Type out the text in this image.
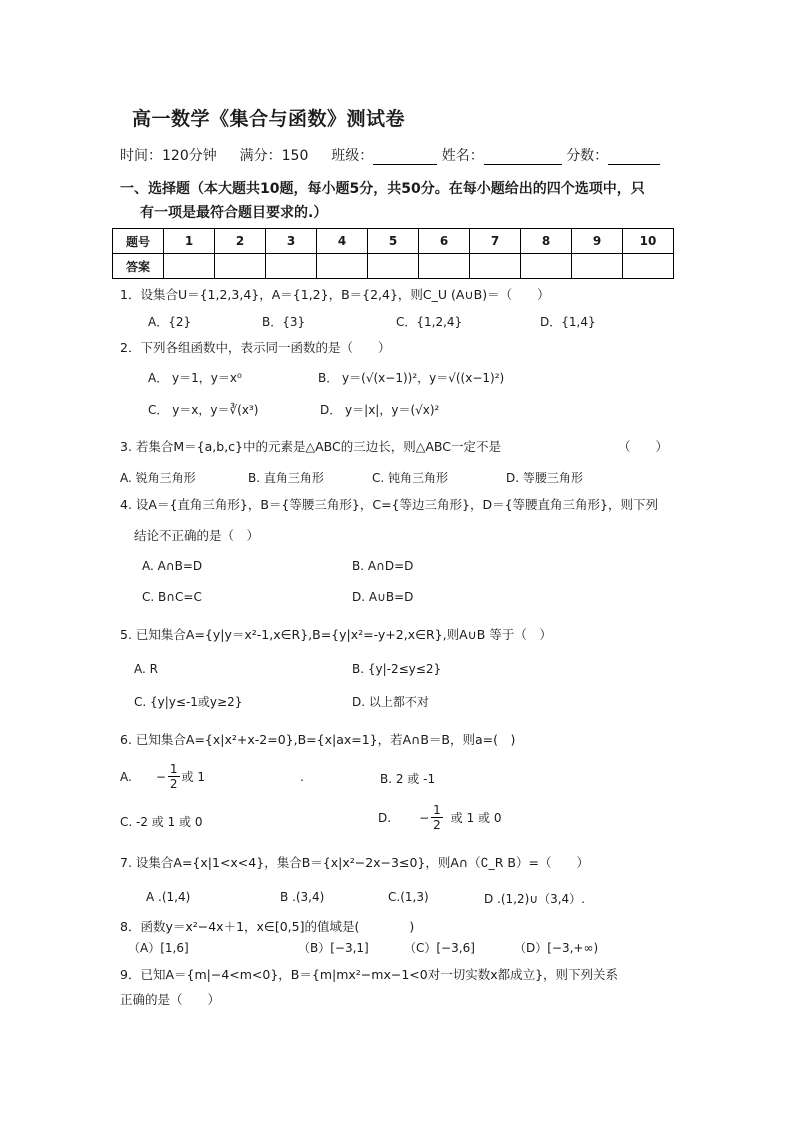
高一数学《集合与函数》测试卷
时间：120分钟 满分：150 班级：	姓名：	分数：
一、选择题（本大题共10题，每小题5分，共50分。在每小题给出的四个选项中，只
有一项是最符合题目要求的.）
题号	1	2	3	4	5	6	7	8	9	10
答案										
1．设集合U＝{1,2,3,4}，A＝{1,2}，B＝{2,4}，则C_U (A∪B)＝（　　）
A．{2}	B．{3}	C．{1,2,4}	D．{1,4}
2．下列各组函数中，表示同一函数的是（　　）
A． y＝1，y＝x⁰	B． y＝(√(x−1))²，y＝√((x−1)²)
C． y＝x，y＝∛(x³)	D． y＝|x|，y＝(√x)²
3. 若集合M＝{a,b,c}中的元素是△ABC的三边长，则△ABC一定不是	（　　）
A. 锐角三角形	B. 直角三角形	C. 钝角三角形	D. 等腰三角形
4. 设A＝{直角三角形}，B＝{等腰三角形}，C={等边三角形}，D＝{等腰直角三角形}，则下列
结论不正确的是（　）
A. A∩B=D	B. A∩D=D
C. B∩C=C	D. A∪B=D
5. 已知集合A={y|y＝x²-1,x∈R},B={y|x²=-y+2,x∈R},则A∪B 等于（　）
A. R	B. {y|-2≤y≤2}
C. {y|y≤-1或y≥2}	D. 以上都不对
6. 已知集合A={x|x²+x-2=0},B={x|ax=1}，若A∩B＝B，则a=(　)
A. − $\frac{1}{2}$ 或 1	.	B. 2 或 -1
C. -2 或 1 或 0	D. − $\frac{1}{2}$ 或 1 或 0
7. 设集合A={x|1<x<4}，集合B＝{x|x²−2x−3≤0}，则A∩（∁_R B）=（　　）
A .(1,4)	B .(3,4)	C.(1,3)	D .(1,2)∪（3,4）.
8．函数y＝x²−4x＋1，x∈[0,5]的值域是(　　　　)
（A）[1,6]	（B）[−3,1]	（C）[−3,6]	（D）[−3,+∞)
9．已知A＝{m|−4<m<0}，B＝{m|mx²−mx−1<0对一切实数x都成立}，则下列关系
正确的是（　　）
